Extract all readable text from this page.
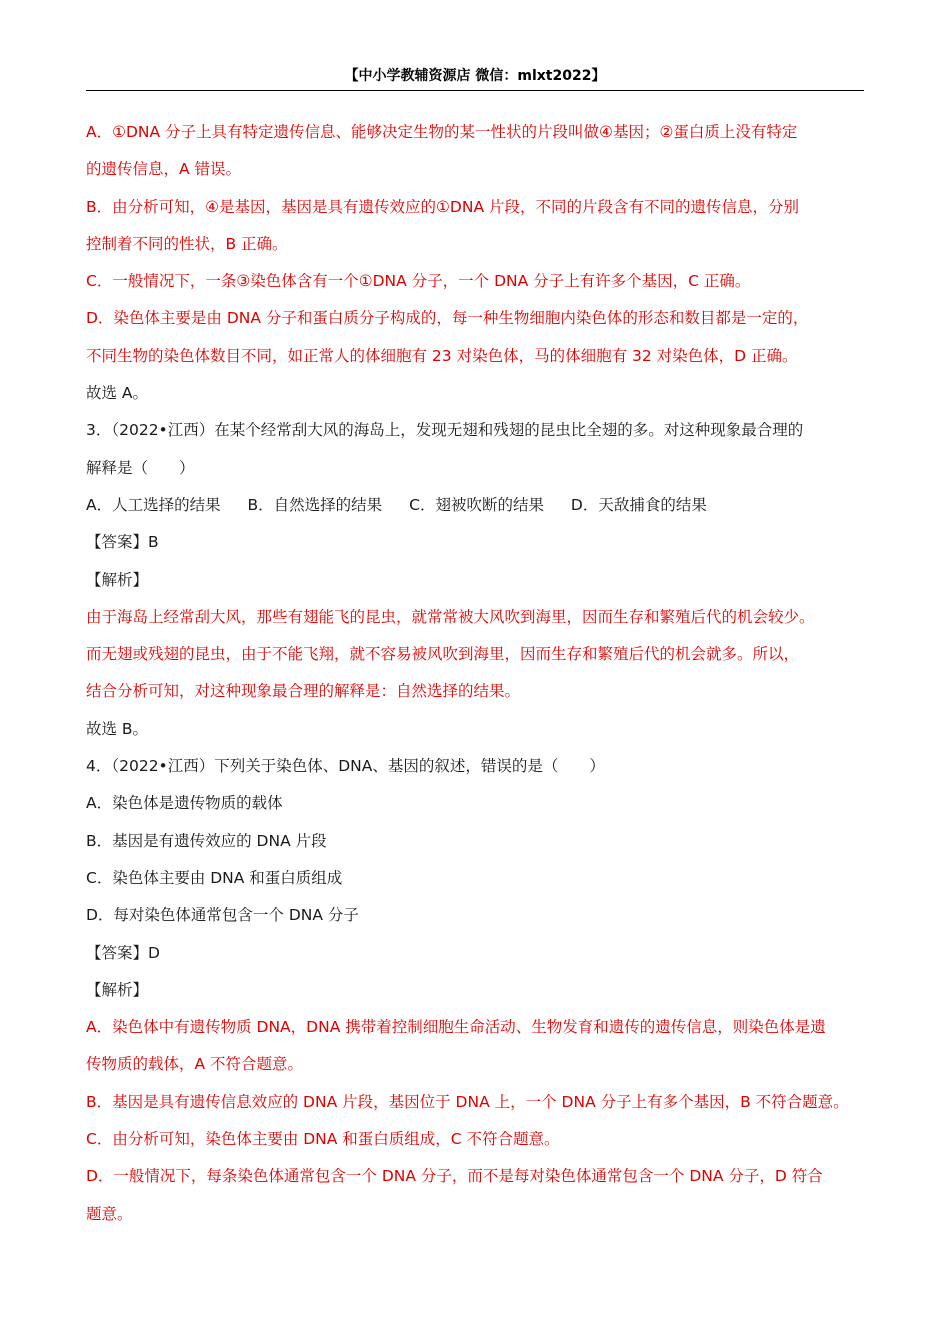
【中小学教辅资源店 微信：mlxt2022】
A．①DNA 分子上具有特定遗传信息、能够决定生物的某一性状的片段叫做④基因；②蛋白质上没有特定
的遗传信息，A 错误。
B．由分析可知，④是基因，基因是具有遗传效应的①DNA 片段，不同的片段含有不同的遗传信息，分别
控制着不同的性状，B 正确。
C．一般情况下，一条③染色体含有一个①DNA 分子，一个 DNA 分子上有许多个基因，C 正确。
D．染色体主要是由 DNA 分子和蛋白质分子构成的，每一种生物细胞内染色体的形态和数目都是一定的，
不同生物的染色体数目不同，如正常人的体细胞有 23 对染色体，马的体细胞有 32 对染色体，D 正确。
故选 A。
3．（2022•江西）在某个经常刮大风的海岛上，发现无翅和残翅的昆虫比全翅的多。对这种现象最合理的
解释是（　　）
A．人工选择的结果 B．自然选择的结果 C．翅被吹断的结果 D．天敌捕食的结果
【答案】B
【解析】
由于海岛上经常刮大风，那些有翅能飞的昆虫，就常常被大风吹到海里，因而生存和繁殖后代的机会较少。
而无翅或残翅的昆虫，由于不能飞翔，就不容易被风吹到海里，因而生存和繁殖后代的机会就多。所以，
结合分析可知，对这种现象最合理的解释是：自然选择的结果。
故选 B。
4．（2022•江西）下列关于染色体、DNA、基因的叙述，错误的是（　　）
A．染色体是遗传物质的载体
B．基因是有遗传效应的 DNA 片段
C．染色体主要由 DNA 和蛋白质组成
D．每对染色体通常包含一个 DNA 分子
【答案】D
【解析】
A．染色体中有遗传物质 DNA，DNA 携带着控制细胞生命活动、生物发育和遗传的遗传信息，则染色体是遗
传物质的载体，A 不符合题意。
B．基因是具有遗传信息效应的 DNA 片段，基因位于 DNA 上，一个 DNA 分子上有多个基因，B 不符合题意。
C．由分析可知，染色体主要由 DNA 和蛋白质组成，C 不符合题意。
D．一般情况下，每条染色体通常包含一个 DNA 分子，而不是每对染色体通常包含一个 DNA 分子，D 符合
题意。
